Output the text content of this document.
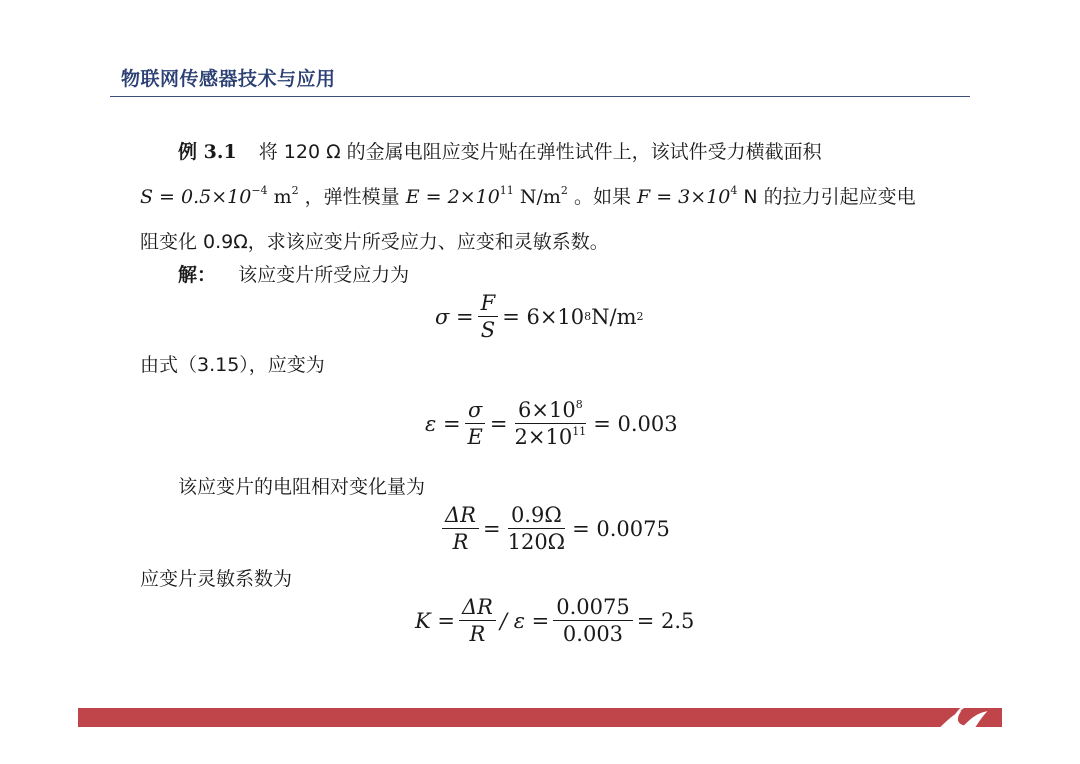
物联网传感器技术与应用
例 3.1 将 120 Ω 的金属电阻应变片贴在弹性试件上，该试件受力横截面积
$S = 0.5\times 10^{-4}$ $m^2$ ，弹性模量 $E = 2\times 10^{11}$ $N/m^2$ 。如果 $F = 3\times 10^4$ N 的拉力引起应变电
阻变化 0.9Ω，求该应变片所受应力、应变和灵敏系数。
解： 该应变片所受应力为
$\sigma = \frac{F}{S} = 6\times 10$ 8 N/m 2
由式（3.15），应变为
$\varepsilon = \frac{\sigma}{E} = \frac{6\times 10^8}{2\times 10^{11}} = 0.003$
该应变片的电阻相对变化量为
$\frac{\Delta R}{R} = \frac{0.9\Omega}{120\Omega} = 0.0075$
应变片灵敏系数为
$K = \frac{\Delta R}{R} / \varepsilon = \frac{0.0075}{0.003} = 2.5$
